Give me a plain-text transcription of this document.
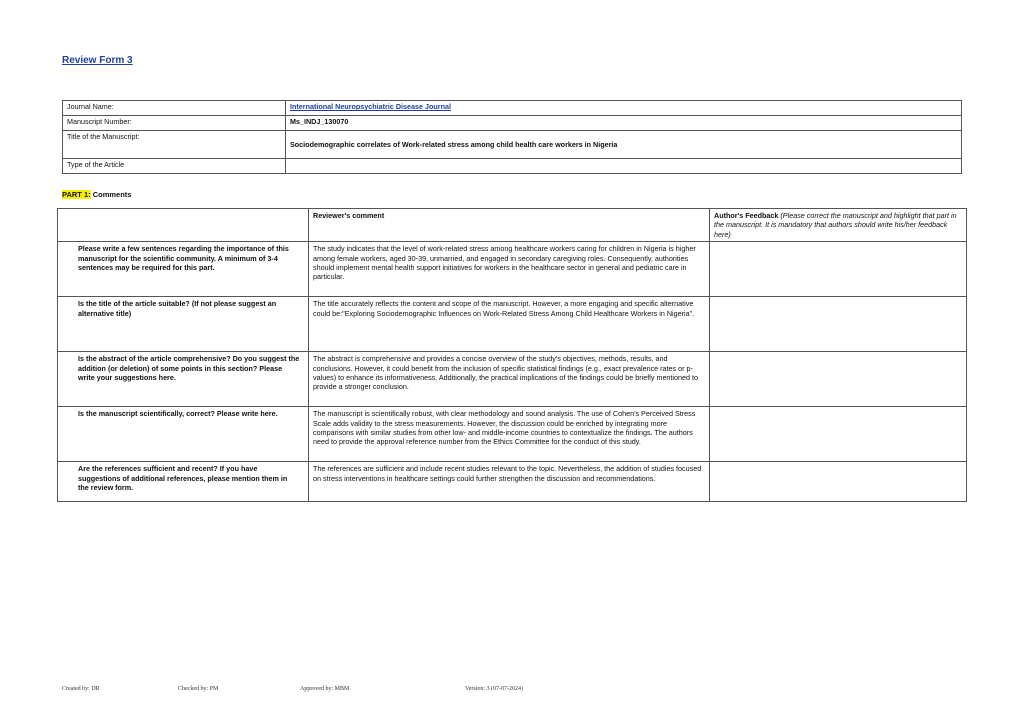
Review Form 3
Journal Name:	International Neuropsychiatric Disease Journal
Manuscript Number:	Ms_INDJ_130070
Title of the Manuscript:	Sociodemographic correlates of Work-related stress among child health care workers in Nigeria
Type of the Article	
PART 1: Comments
	Reviewer's comment	Author's Feedback (Please correct the manuscript and highlight that part in the manuscript. It is mandatory that authors should write his/her feedback here)
Please write a few sentences regarding the importance of this manuscript for the scientific community. A minimum of 3-4 sentences may be required for this part.	The study indicates that the level of work-related stress among healthcare workers caring for children in Nigeria is higher among female workers, aged 30-39, unmarried, and engaged in secondary caregiving roles. Consequently, authorities should implement mental health support initiatives for workers in the healthcare sector in general and pediatric care in particular.	
Is the title of the article suitable? (If not please suggest an alternative title)	The title accurately reflects the content and scope of the manuscript. However, a more engaging and specific alternative could be:"Exploring Sociodemographic Influences on Work-Related Stress Among Child Healthcare Workers in Nigeria".	
Is the abstract of the article comprehensive? Do you suggest the addition (or deletion) of some points in this section? Please write your suggestions here.	The abstract is comprehensive and provides a concise overview of the study's objectives, methods, results, and conclusions. However, it could benefit from the inclusion of specific statistical findings (e.g., exact prevalence rates or p-values) to enhance its informativeness. Additionally, the practical implications of the findings could be briefly mentioned to provide a stronger conclusion.	
Is the manuscript scientifically, correct? Please write here.	The manuscript is scientifically robust, with clear methodology and sound analysis. The use of Cohen's Perceived Stress Scale adds validity to the stress measurements. However, the discussion could be enriched by integrating more comparisons with similar studies from other low- and middle-income countries to contextualize the findings. The authors need to provide the approval reference number from the Ethics Committee for the conduct of this study.	
Are the references sufficient and recent? If you have suggestions of additional references, please mention them in the review form.	The references are sufficient and include recent studies relevant to the topic. Nevertheless, the addition of studies focused on stress interventions in healthcare settings could further strengthen the discussion and recommendations.	
Created by: DR	Checked by: PM	Approved by: MBM	Version: 3 (07-07-2024)
